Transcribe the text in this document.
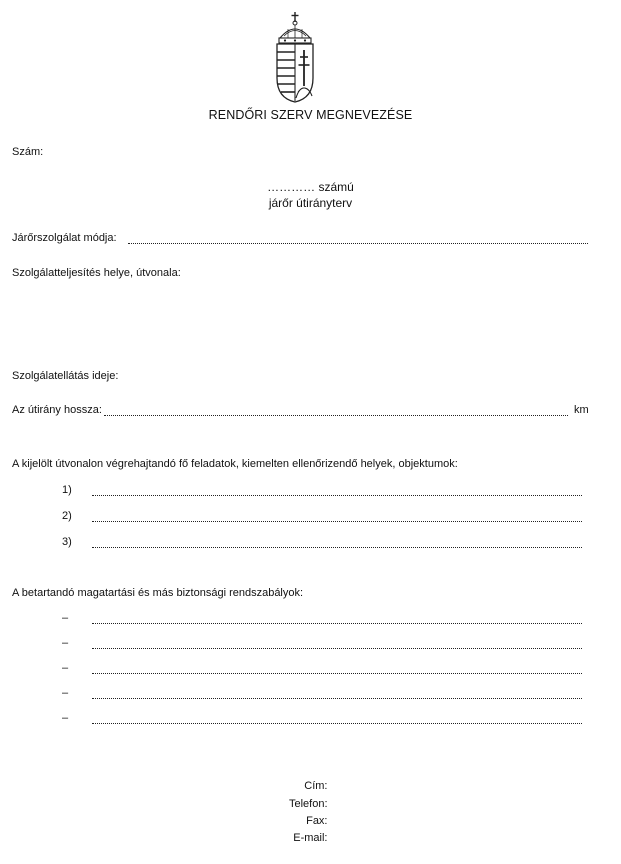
RENDŐRI SZERV MEGNEVEZÉSE
Szám:
………… számú
járőr útirányterv
Járőrszolgálat módja:
Szolgálatteljesítés helye, útvonala:
Szolgálatellátás ideje:
Az útirány hossza:	km
A kijelölt útvonalon végrehajtandó fő feladatok, kiemelten ellenőrizendő helyek, objektumok:
1)
2)
3)
A betartandó magatartási és más biztonsági rendszabályok:
–
–
–
–
–
Cím:
Telefon:
Fax:
E-mail:
